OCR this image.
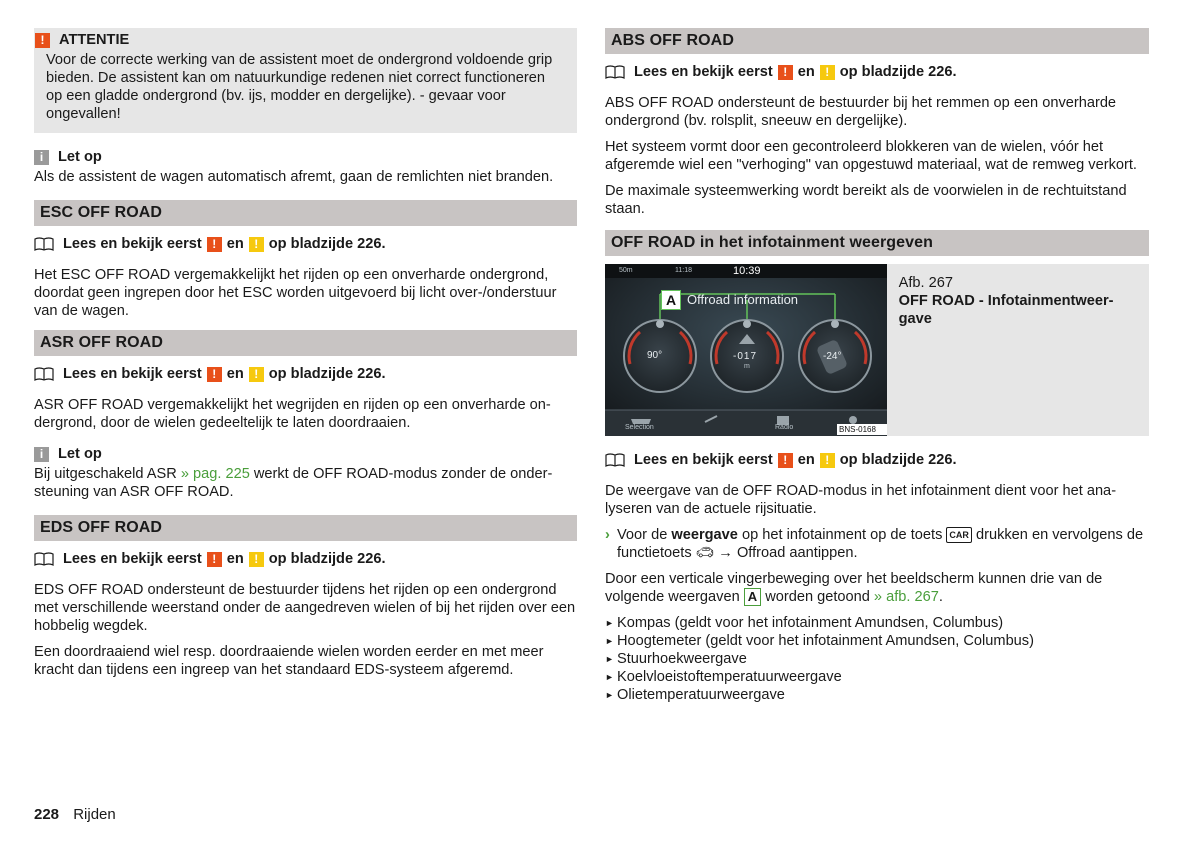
! ATTENTIE
Voor de correcte werking van de assistent moet de ondergrond voldoende grip bieden. De assistent kan om natuurkundige redenen niet correct functioneren op een gladde ondergrond (bv. ijs, modder en dergelijke). - gevaar voor ongevallen!
i	Let op
Als de assistent de wagen automatisch afremt, gaan de remlichten niet branden.
ESC OFF ROAD
Lees en bekijk eerst ! en ! op bladzijde 226.

Het ESC OFF ROAD vergemakkelijkt het rijden op een onverharde ondergrond, doordat geen ingrepen door het ESC worden uitgevoerd bij licht over-/onderstuur van de wagen.

ASR OFF ROAD
Lees en bekijk eerst ! en ! op bladzijde 226.

ASR OFF ROAD vergemakkelijkt het wegrijden en rijden op een onverharde ondergrond, door de wielen gedeeltelijk te laten doordraaien.

i	Let op
Bij uitgeschakeld ASR » pag. 225 werkt de OFF ROAD-modus zonder de ondersteuning van ASR OFF ROAD.
EDS OFF ROAD
Lees en bekijk eerst ! en ! op bladzijde 226.

EDS OFF ROAD ondersteunt de bestuurder tijdens het rijden op een ondergrond met verschillende weerstand onder de aangedreven wielen of bij het rijden over een hobbelig wegdek.

Een doordraaiend wiel resp. doordraaiende wielen worden eerder en met meer kracht dan tijdens een ingreep van het standaard EDS-systeem afgeremd.

ABS OFF ROAD
Lees en bekijk eerst ! en ! op bladzijde 226.

ABS OFF ROAD ondersteunt de bestuurder bij het remmen op een onverharde ondergrond (bv. rolsplit, sneeuw en dergelijke).

Het systeem vormt door een gecontroleerd blokkeren van de wielen, vóór het afgeremde wiel een "verhoging" van opgestuwd materiaal, wat de remweg verkort.

De maximale systeemwerking wordt bereikt als de voorwielen in de rechtuitstand staan.

OFF ROAD in het infotainment weergeven
50m	11:18	10:39
A Offroad information
90°	-017
m
-24°
Selection	Radio	BNS-0168
Afb. 267
OFF ROAD - Infotainmentweergave
Lees en bekijk eerst ! en ! op bladzijde 226.

De weergave van de OFF ROAD-modus in het infotainment dient voor het analyseren van de actuele rijsituatie.

› Voor de weergave op het infotainment op de toets CAR drukken en vervolgens de functietoets 🚗︎ → Offroad aantippen.

Door een verticale vingerbeweging over het beeldscherm kunnen drie van de volgende weergaven A worden getoond » afb. 267.

► Kompas (geldt voor het infotainment Amundsen, Columbus)
► Hoogtemeter (geldt voor het infotainment Amundsen, Columbus)
► Stuurhoekweergave
► Koelvloeistoftemperatuurweergave
► Olietemperatuurweergave
228 Rijden
